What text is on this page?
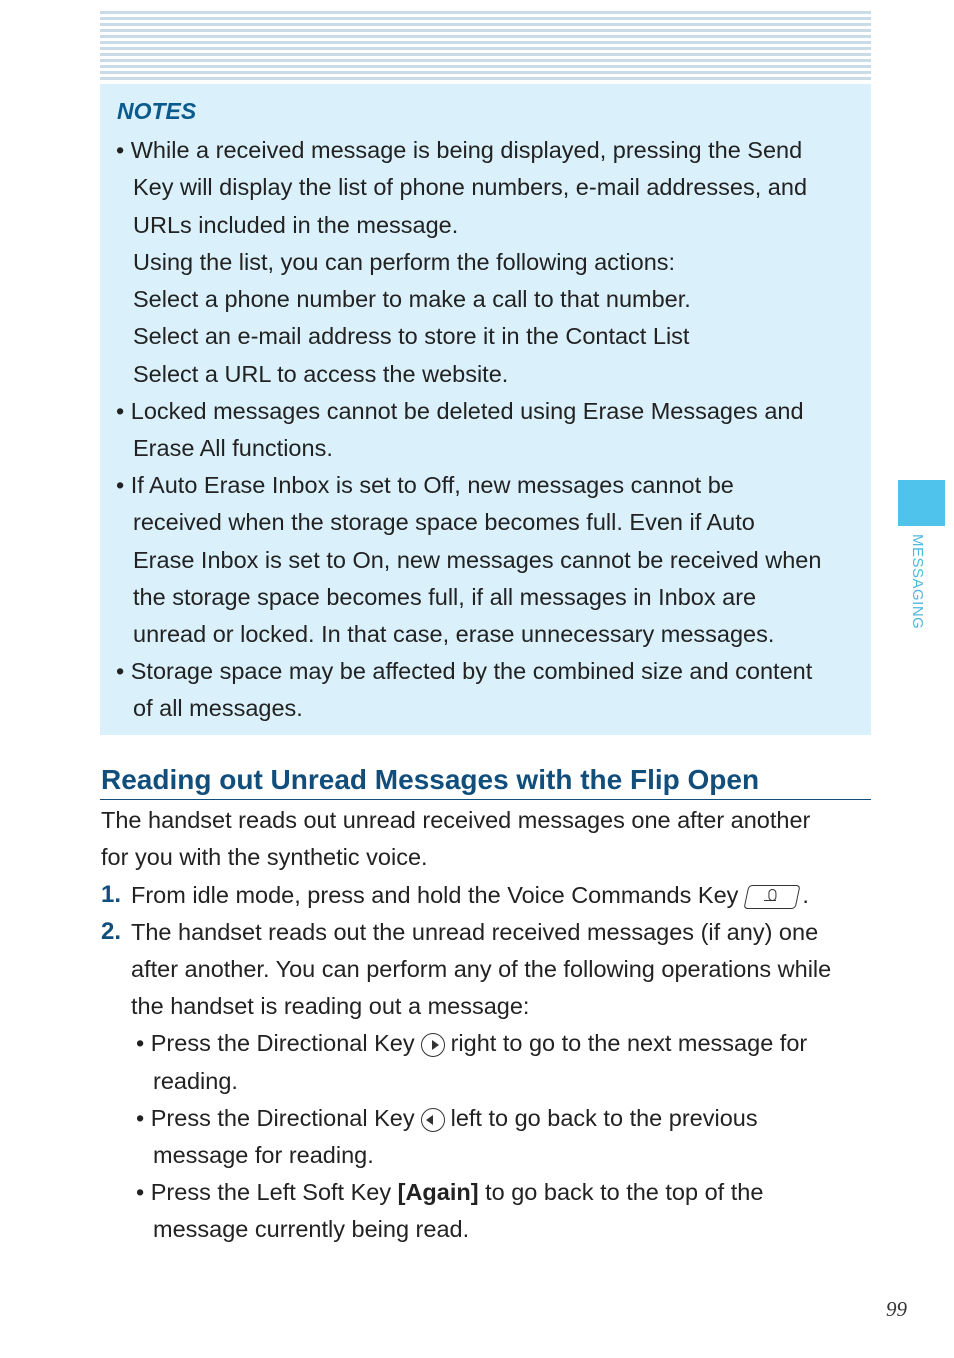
NOTES
• While a received message is being displayed, pressing the Send
Key will display the list of phone numbers, e-mail addresses, and
URLs included in the message.
Using the list, you can perform the following actions:
Select a phone number to make a call to that number.
Select an e-mail address to store it in the Contact List
Select a URL to access the website.
• Locked messages cannot be deleted using Erase Messages and
Erase All functions.
• If Auto Erase Inbox is set to Off, new messages cannot be
received when the storage space becomes full. Even if Auto
Erase Inbox is set to On, new messages cannot be received when
the storage space becomes full, if all messages in Inbox are
unread or locked. In that case, erase unnecessary messages.
• Storage space may be affected by the combined size and content
of all messages.
Reading out Unread Messages with the Flip Open
The handset reads out unread received messages one after another
for you with the synthetic voice.
1. From idle mode, press and hold the Voice Commands Key	.
2. The handset reads out the unread received messages (if any) one
after another. You can perform any of the following operations while
the handset is reading out a message:
• Press the Directional Key right to go to the next message for
reading.
• Press the Directional Key left to go back to the previous
message for reading.
• Press the Left Soft Key [Again] to go back to the top of the
message currently being read.
MESSAGING
99
